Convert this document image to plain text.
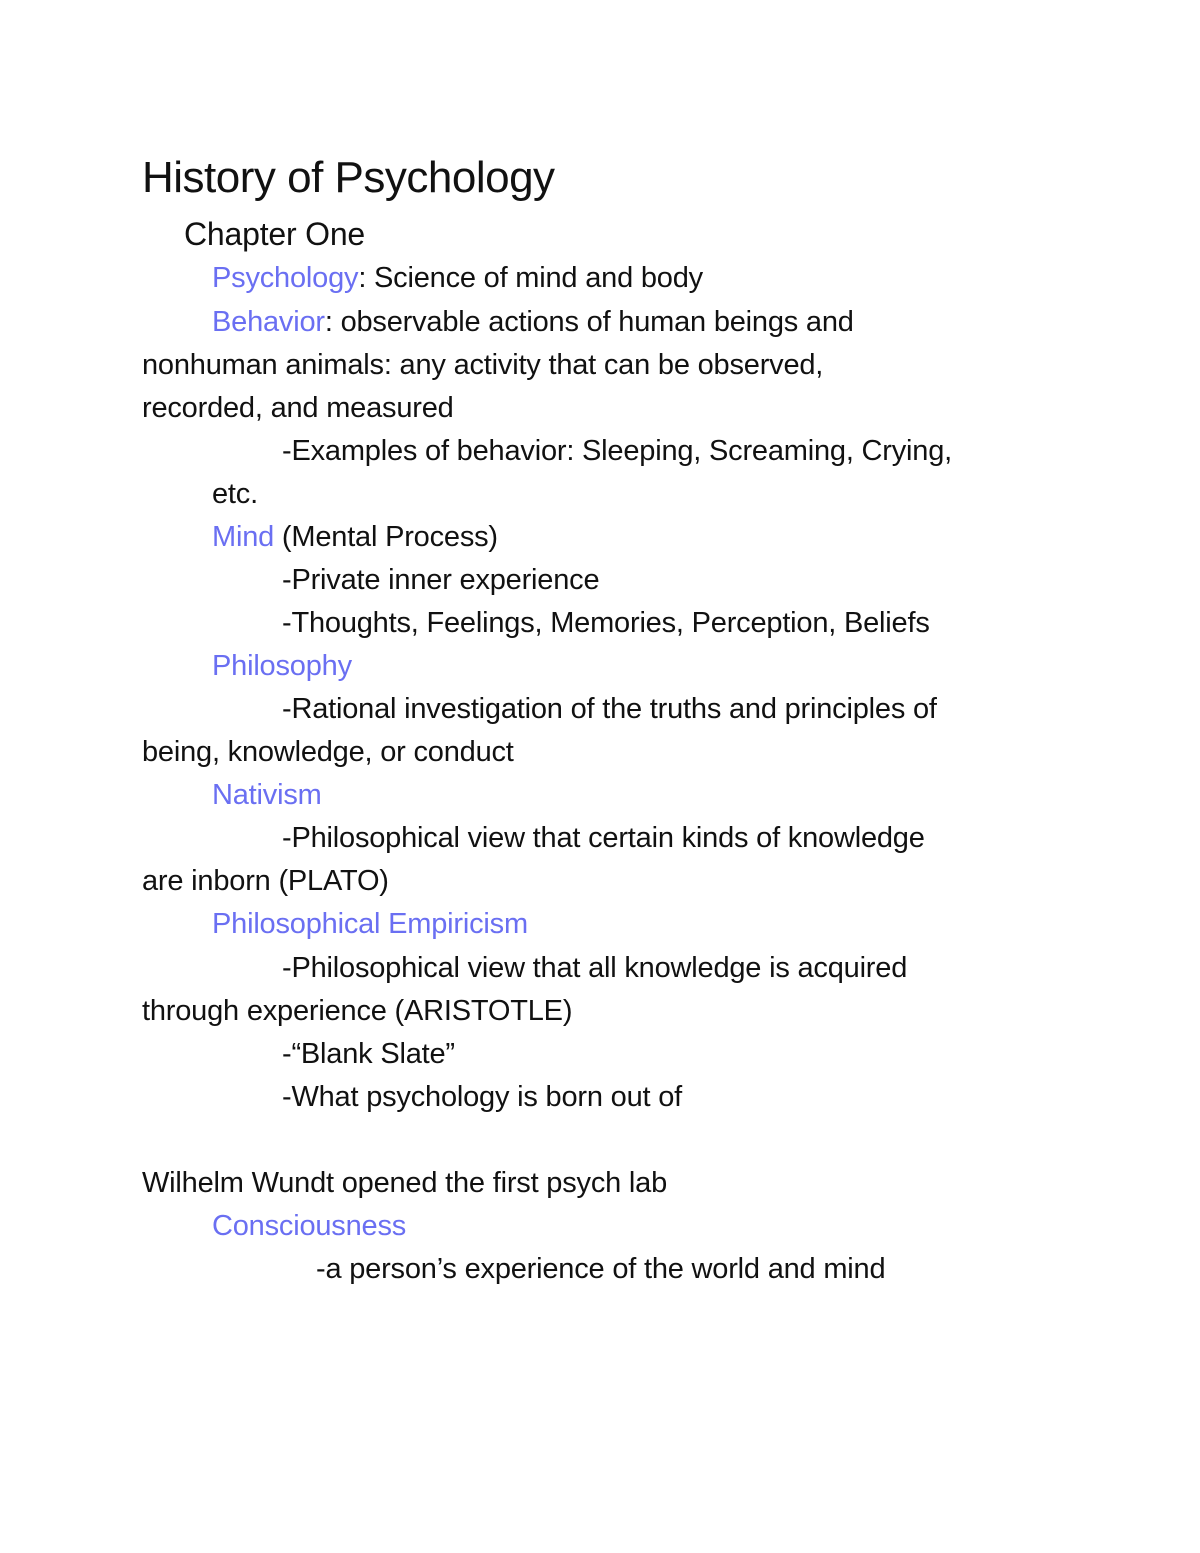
History of Psychology
Chapter One
Psychology: Science of mind and body
Behavior: observable actions of human beings and
nonhuman animals: any activity that can be observed,
recorded, and measured
-Examples of behavior: Sleeping, Screaming, Crying,
etc.
Mind (Mental Process)
-Private inner experience
-Thoughts, Feelings, Memories, Perception, Beliefs
Philosophy
-Rational investigation of the truths and principles of
being, knowledge, or conduct
Nativism
-Philosophical view that certain kinds of knowledge
are inborn (PLATO)
Philosophical Empiricism
-Philosophical view that all knowledge is acquired
through experience (ARISTOTLE)
-“Blank Slate”
-What psychology is born out of
Wilhelm Wundt opened the first psych lab
Consciousness
-a person’s experience of the world and mind
